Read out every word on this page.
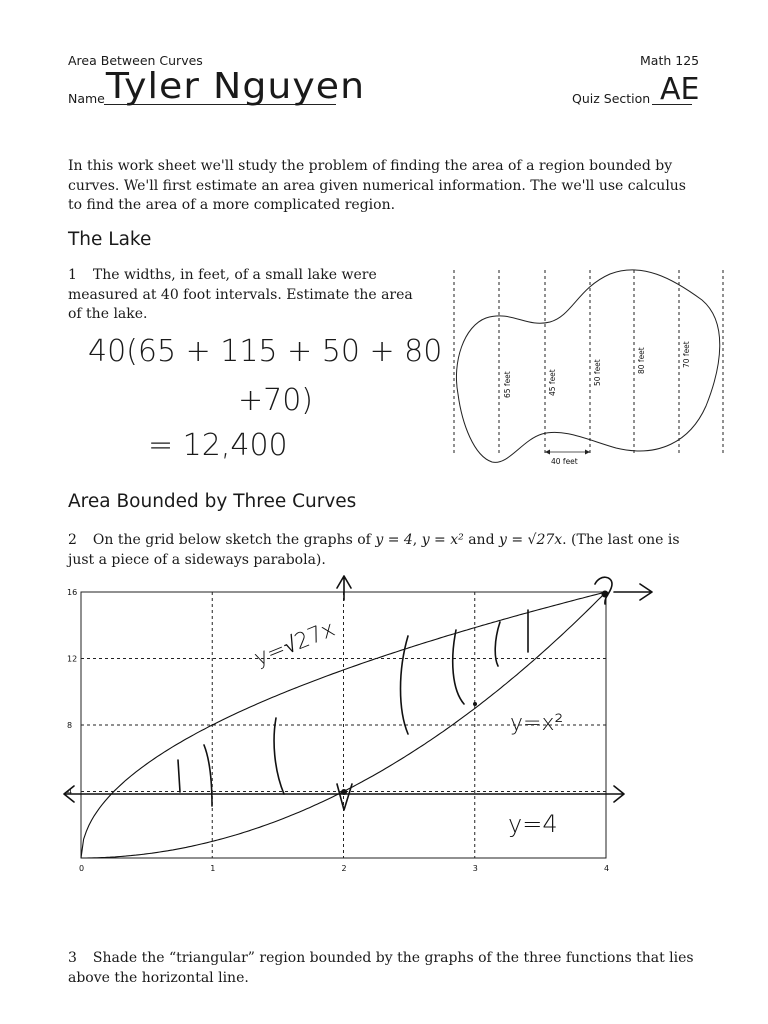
Area Between Curves	Math 125
Name Tyler Nguyen	Quiz Section AE
In this work sheet we'll study the problem of finding the area of a region bounded by curves. We'll first estimate an area given numerical information. The we'll use calculus to find the area of a more complicated region.
The Lake
1 The widths, in feet, of a small lake were measured at 40 foot intervals. Estimate the area of the lake.
40(65 + 115 + 50 + 80
+70)
= 12,400
65 feet	45 feet	50 feet	80 feet	70 feet
40 feet
Area Bounded by Three Curves
2 On the grid below sketch the graphs of y = 4, y = x² and y = √27x. (The last one is just a piece of a sideways parabola).
0	1	2	3	4
16
12
8
4
y=√27x
y=x²
y=4
3 Shade the “triangular” region bounded by the graphs of the three functions that lies above the horizontal line.
